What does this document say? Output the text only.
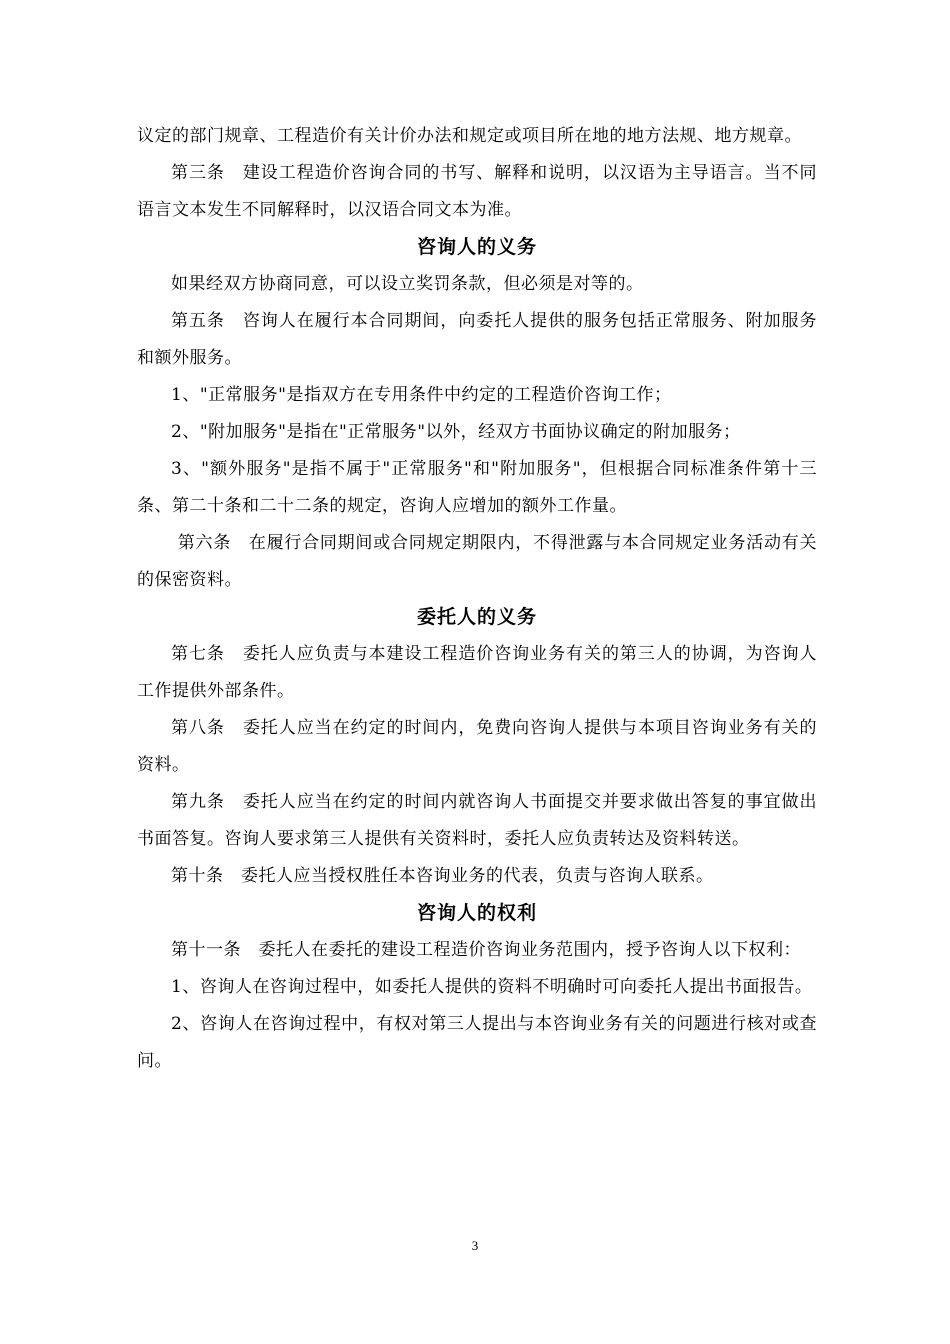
议定的部门规章、工程造价有关计价办法和规定或项目所在地的地方法规、地方规章。

第三条　建设工程造价咨询合同的书写、解释和说明，以汉语为主导语言。当不同语言文本发生不同解释时，以汉语合同文本为准。

咨询人的义务

如果经双方协商同意，可以设立奖罚条款，但必须是对等的。

第五条　咨询人在履行本合同期间，向委托人提供的服务包括正常服务、附加服务和额外服务。

1、"正常服务"是指双方在专用条件中约定的工程造价咨询工作；

2、"附加服务"是指在"正常服务"以外，经双方书面协议确定的附加服务；

3、"额外服务"是指不属于"正常服务"和"附加服务"，但根据合同标准条件第十三条、第二十条和二十二条的规定，咨询人应增加的额外工作量。

第六条　在履行合同期间或合同规定期限内，不得泄露与本合同规定业务活动有关的保密资料。

委托人的义务

第七条　委托人应负责与本建设工程造价咨询业务有关的第三人的协调，为咨询人工作提供外部条件。

第八条　委托人应当在约定的时间内，免费向咨询人提供与本项目咨询业务有关的资料。

第九条　委托人应当在约定的时间内就咨询人书面提交并要求做出答复的事宜做出书面答复。咨询人要求第三人提供有关资料时，委托人应负责转达及资料转送。

第十条　委托人应当授权胜任本咨询业务的代表，负责与咨询人联系。

咨询人的权利

第十一条　委托人在委托的建设工程造价咨询业务范围内，授予咨询人以下权利：

1、咨询人在咨询过程中，如委托人提供的资料不明确时可向委托人提出书面报告。

2、咨询人在咨询过程中，有权对第三人提出与本咨询业务有关的问题进行核对或查问。

3
